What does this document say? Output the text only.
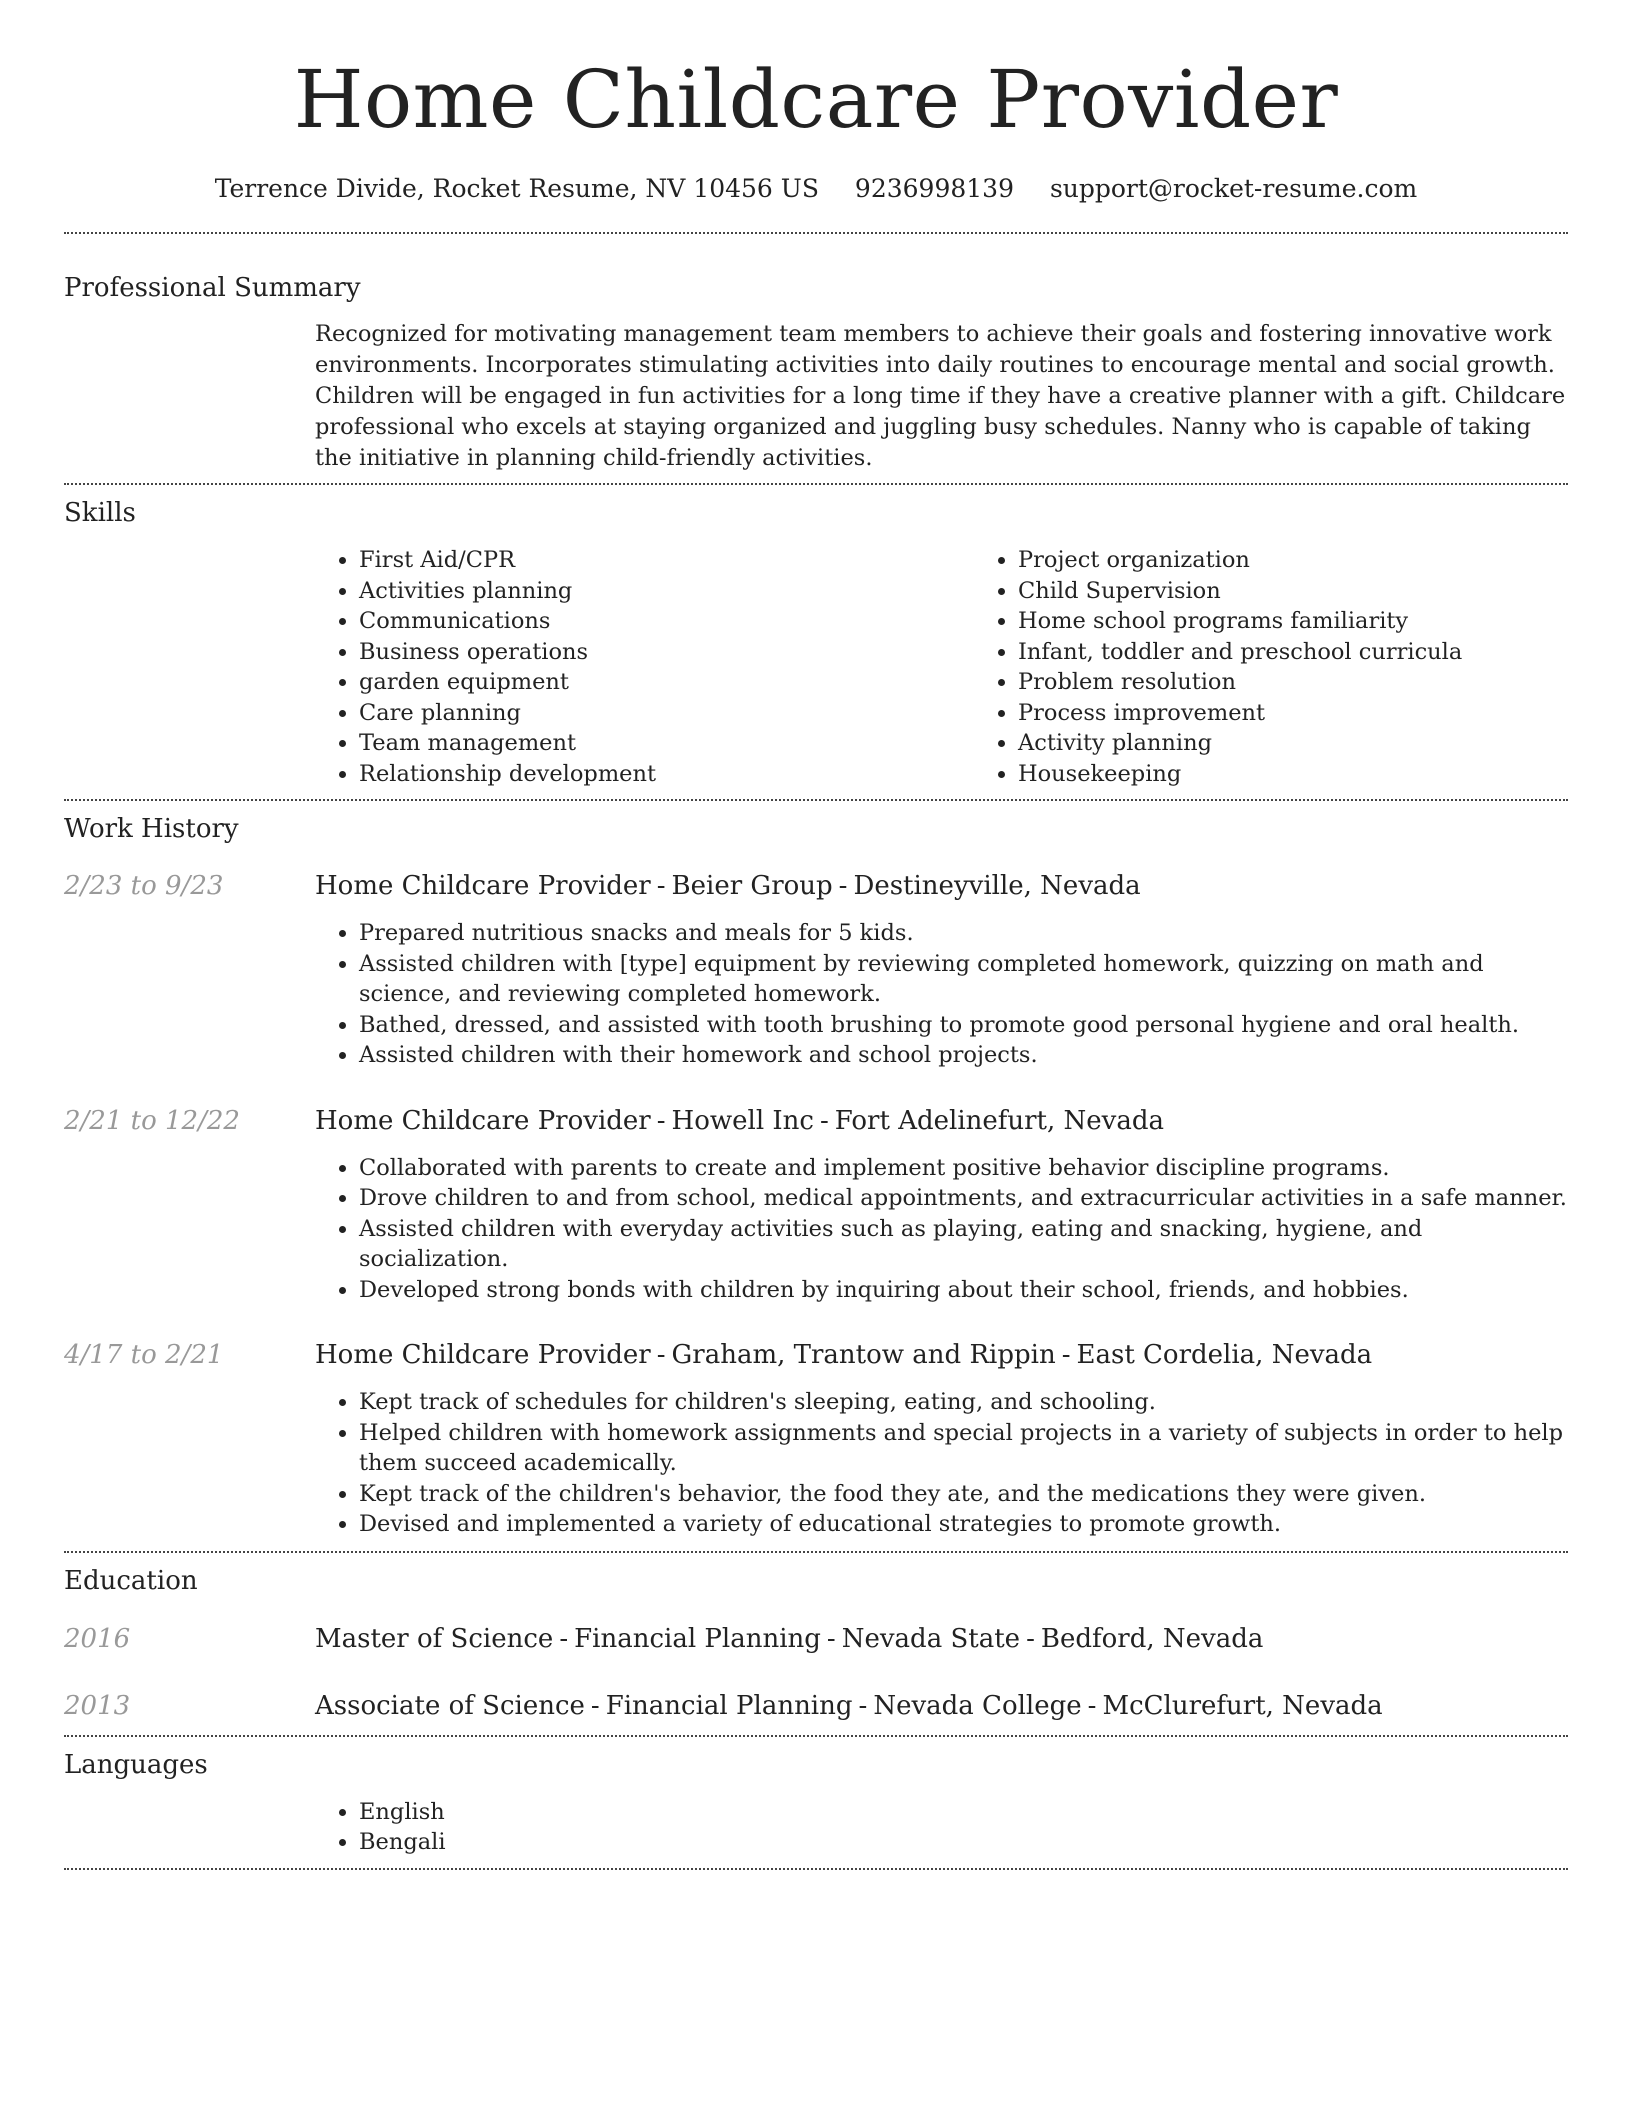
Home Childcare Provider
Terrence Divide, Rocket Resume, NV 10456 US 9236998139 support@rocket-resume.com
Professional Summary

Recognized for motivating management team members to achieve their goals and fostering innovative work environments. Incorporates stimulating activities into daily routines to encourage mental and social growth. Children will be engaged in fun activities for a long time if they have a creative planner with a gift. Childcare professional who excels at staying organized and juggling busy schedules. Nanny who is capable of taking the initiative in planning child-friendly activities.

Skills
• First Aid/CPR
• Activities planning
• Communications
• Business operations
• garden equipment
• Care planning
• Team management
• Relationship development
• Project organization
• Child Supervision
• Home school programs familiarity
• Infant, toddler and preschool curricula
• Problem resolution
• Process improvement
• Activity planning
• Housekeeping
Work History
2/23 to 9/23	Home Childcare Provider - Beier Group - Destineyville, Nevada

• Prepared nutritious snacks and meals for 5 kids.
• Assisted children with [type] equipment by reviewing completed homework, quizzing on math and science, and reviewing completed homework.
• Bathed, dressed, and assisted with tooth brushing to promote good personal hygiene and oral health.
• Assisted children with their homework and school projects.
2/21 to 12/22	Home Childcare Provider - Howell Inc - Fort Adelinefurt, Nevada

• Collaborated with parents to create and implement positive behavior discipline programs.
• Drove children to and from school, medical appointments, and extracurricular activities in a safe manner.
• Assisted children with everyday activities such as playing, eating and snacking, hygiene, and socialization.
• Developed strong bonds with children by inquiring about their school, friends, and hobbies.
4/17 to 2/21	Home Childcare Provider - Graham, Trantow and Rippin - East Cordelia, Nevada

• Kept track of schedules for children's sleeping, eating, and schooling.
• Helped children with homework assignments and special projects in a variety of subjects in order to help them succeed academically.
• Kept track of the children's behavior, the food they ate, and the medications they were given.
• Devised and implemented a variety of educational strategies to promote growth.
Education
2016	Master of Science - Financial Planning - Nevada State - Bedford, Nevada

2013	Associate of Science - Financial Planning - Nevada College - McClurefurt, Nevada

Languages
• English
• Bengali
